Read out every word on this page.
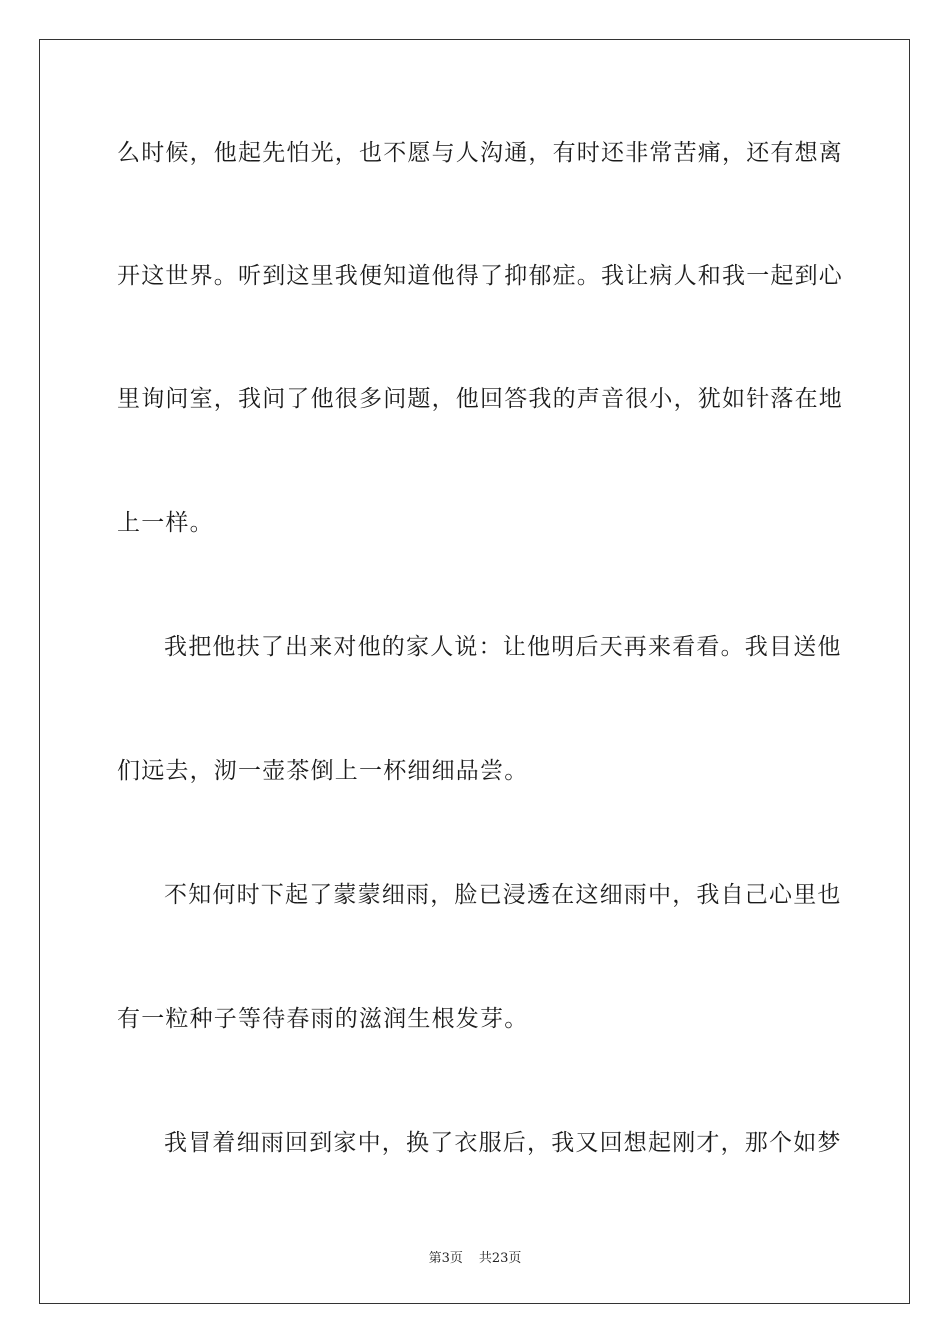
么时候，他起先怕光，也不愿与人沟通，有时还非常苦痛，还有想离

开这世界。听到这里我便知道他得了抑郁症。我让病人和我一起到心

里询问室，我问了他很多问题，他回答我的声音很小，犹如针落在地

上一样。

我把他扶了出来对他的家人说：让他明后天再来看看。我目送他

们远去，沏一壶茶倒上一杯细细品尝。

不知何时下起了蒙蒙细雨，脸已浸透在这细雨中，我自己心里也

有一粒种子等待春雨的滋润生根发芽。

我冒着细雨回到家中，换了衣服后，我又回想起刚才，那个如梦

第3页 共23页
